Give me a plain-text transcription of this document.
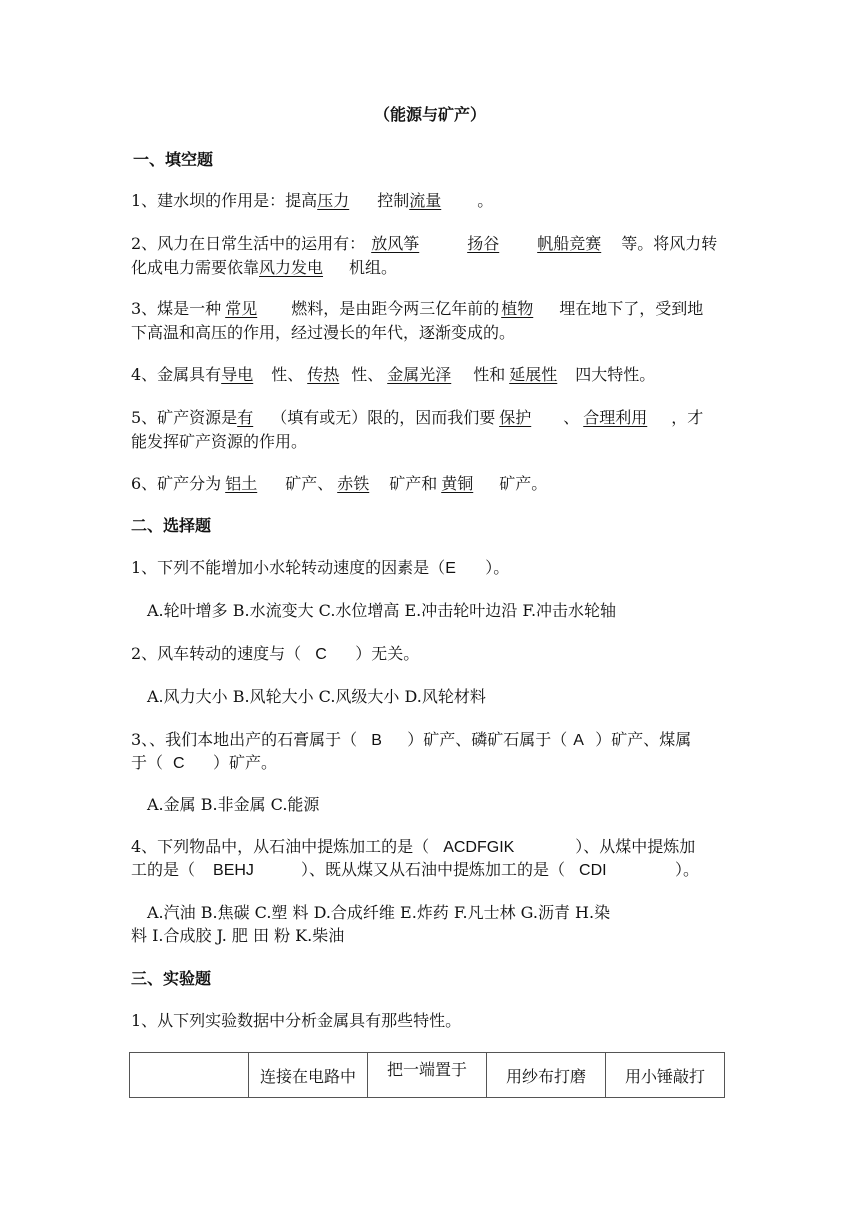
（能源与矿产）
一、填空题
1、建水坝的作用是：提高压力 控制流量 。
2、风力在日常生活中的运用有： 放风筝	扬谷 帆船竞赛 等。将风力转
化成电力需要依靠风力发电 机组。
3、煤是一种 常见 燃料，是由距今两三亿年前的 植物 埋在地下了，受到地
下高温和高压的作用，经过漫长的年代，逐渐变成的。
4、金属具有导电 性、 传热 性、 金属光泽 性和 延展性 四大特性。
5、矿产资源是有 （填有或无）限的，因而我们要 保护 、 合理利用 ，才
能发挥矿产资源的作用。
6、矿产分为 铝土 矿产、 赤铁 矿产和 黄铜 矿产。
二、选择题
1、下列不能增加小水轮转动速度的因素是（E ）。
A.轮叶增多 B.水流变大 C.水位增高 E.冲击轮叶边沿 F.冲击水轮轴
2、风车转动的速度与（ C ）无关。
A.风力大小 B.风轮大小 C.风级大小 D.风轮材料
3、、我们本地出产的石膏属于（ B ）矿产、磷矿石属于（ A ）矿产、煤属
于（ C ）矿产。
A.金属 B.非金属 C.能源
4、下列物品中，从石油中提炼加工的是（ ACDFGIK	）、从煤中提炼加
工的是（ BEHJ	）、既从煤又从石油中提炼加工的是（ CDI	）。
A.汽油 B.焦碳 C.塑 料 D.合成纤维 E.炸药 F.凡士林 G.沥青 H.染
料 I.合成胶 J. 肥 田 粉 K.柴油
三、实验题
1、从下列实验数据中分析金属具有那些特性。
	连接在电路中	把一端置于	用纱布打磨	用小锤敲打
